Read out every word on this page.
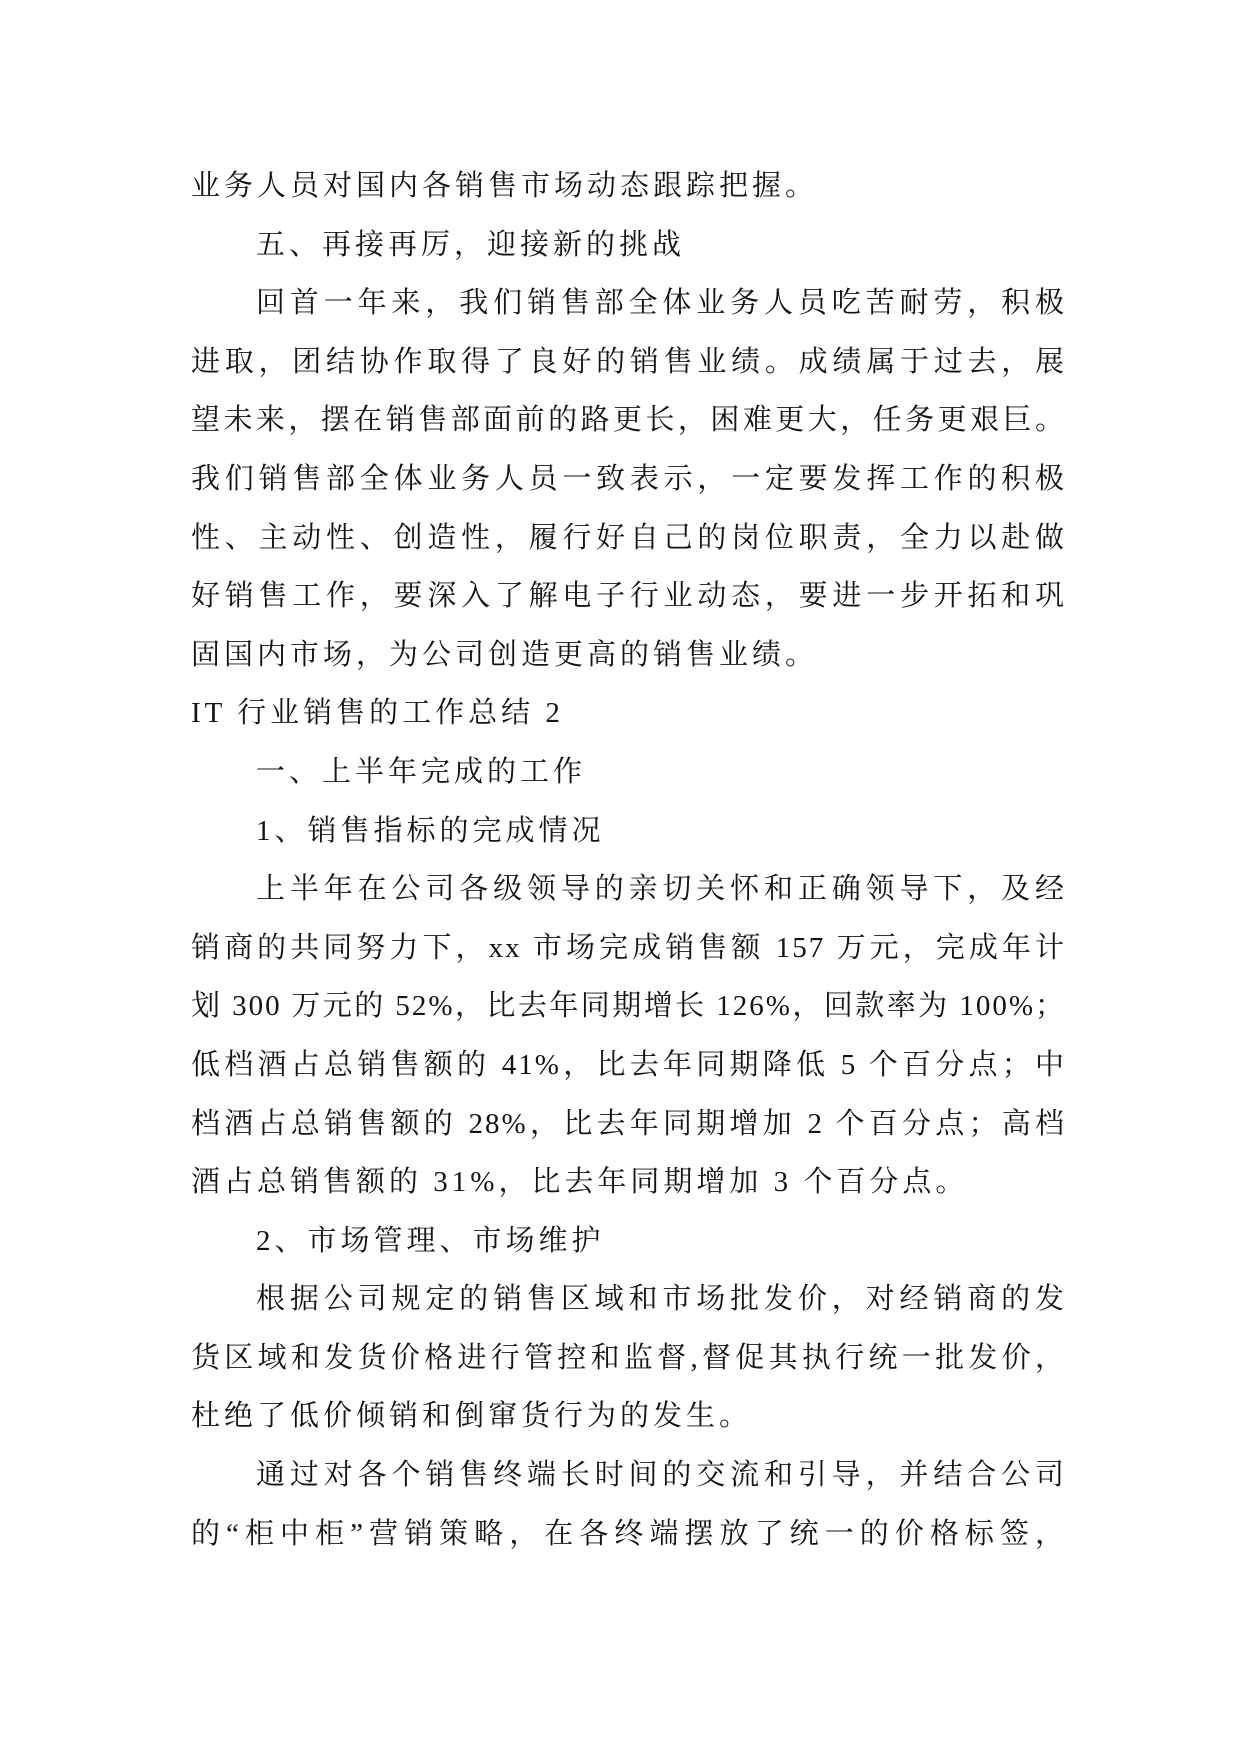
业务人员对国内各销售市场动态跟踪把握。
五、再接再厉，迎接新的挑战
回首一年来，我们销售部全体业务人员吃苦耐劳，积极
进取，团结协作取得了良好的销售业绩。成绩属于过去，展
望未来，摆在销售部面前的路更长，困难更大，任务更艰巨。
我们销售部全体业务人员一致表示，一定要发挥工作的积极
性、主动性、创造性，履行好自己的岗位职责，全力以赴做
好销售工作，要深入了解电子行业动态，要进一步开拓和巩
固国内市场，为公司创造更高的销售业绩。
IT 行业销售的工作总结 2
一、上半年完成的工作
1、销售指标的完成情况
上半年在公司各级领导的亲切关怀和正确领导下，及经
销商的共同努力下，xx 市场完成销售额 157 万元，完成年计
划 300 万元的 52%，比去年同期增长 126%，回款率为 100%；
低档酒占总销售额的 41%，比去年同期降低 5 个百分点；中
档酒占总销售额的 28%，比去年同期增加 2 个百分点；高档
酒占总销售额的 31%，比去年同期增加 3 个百分点。
2、市场管理、市场维护
根据公司规定的销售区域和市场批发价，对经销商的发
货区域和发货价格进行管控和监督,督促其执行统一批发价，
杜绝了低价倾销和倒窜货行为的发生。
通过对各个销售终端长时间的交流和引导，并结合公司
的“柜中柜”营销策略，在各终端摆放了统一的价格标签，
